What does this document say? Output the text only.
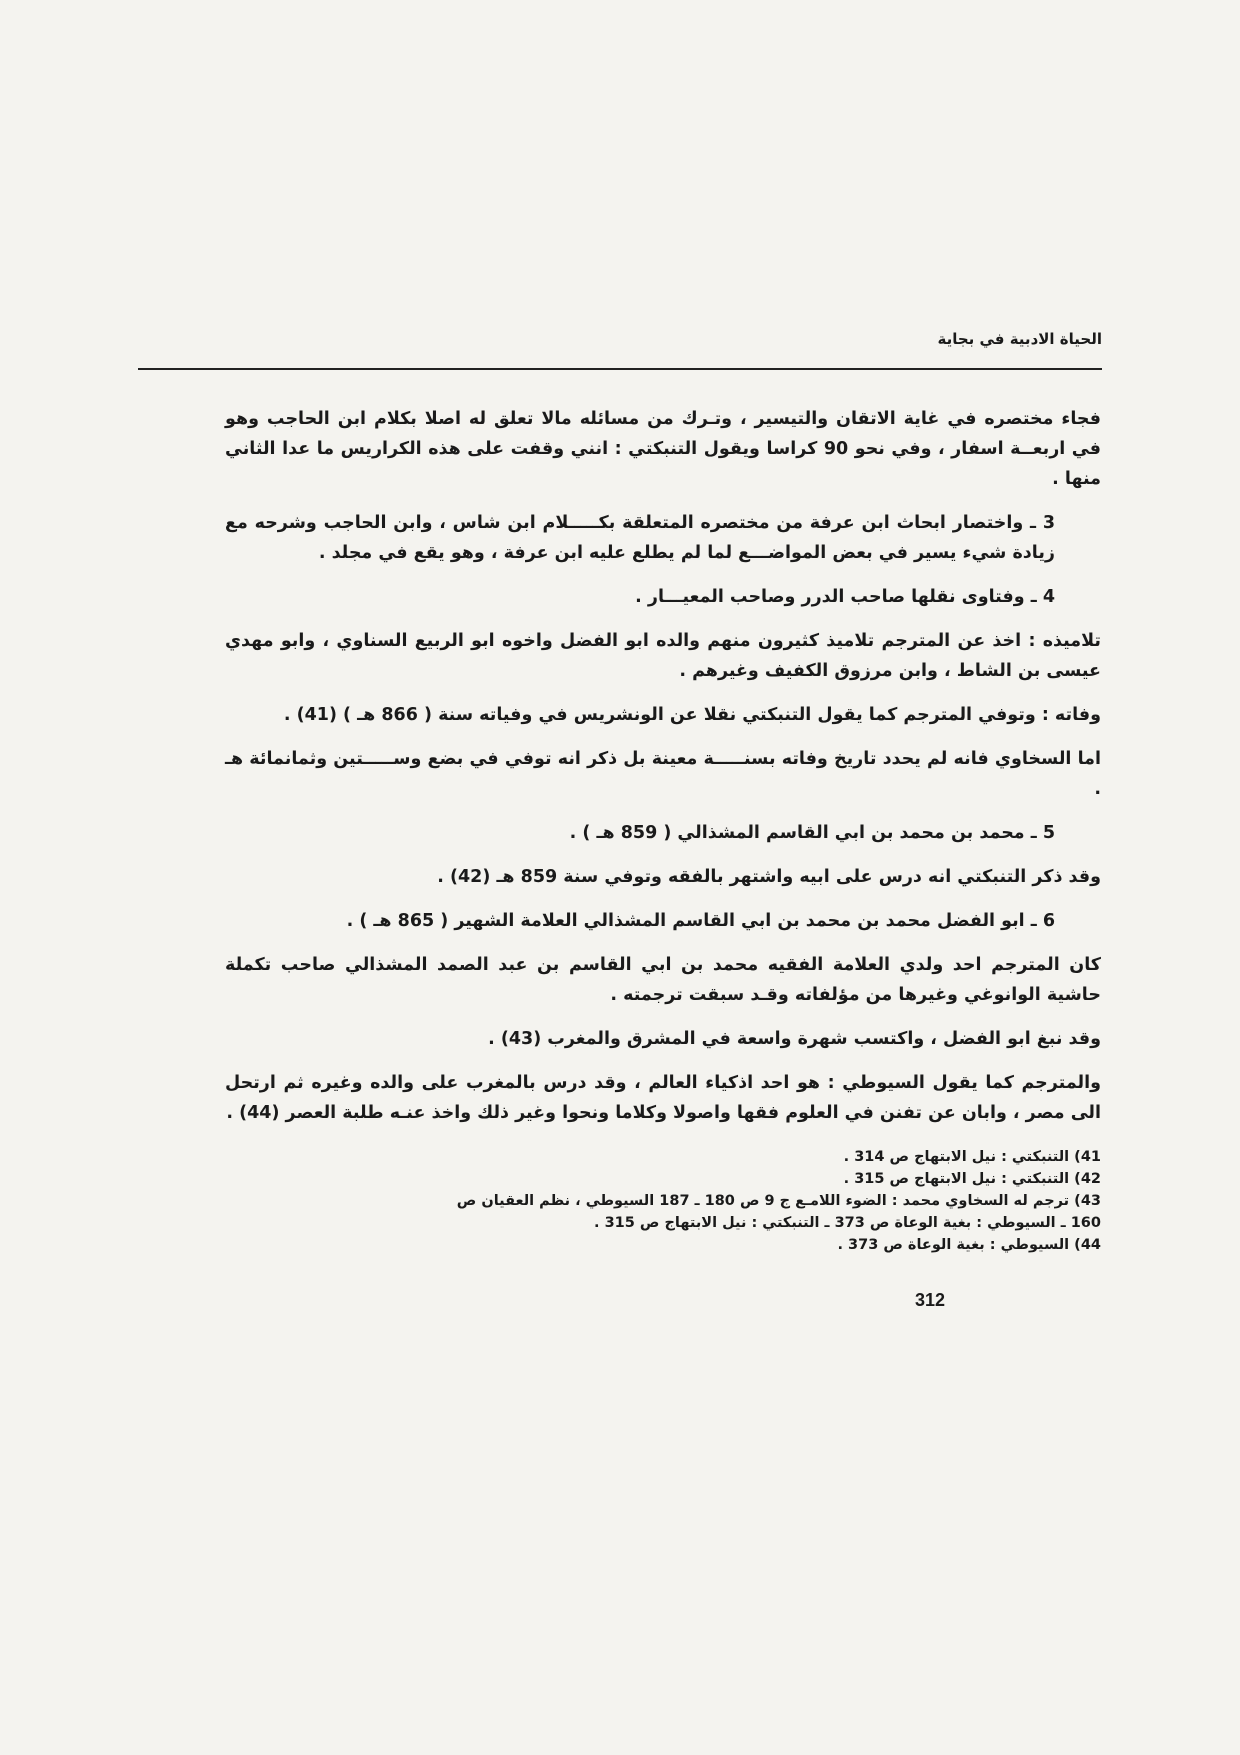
الحياة الادبية في بجاية

فجاء مختصره في غاية الاتقان والتيسير ، وتـرك من مسائله مالا تعلق له اصلا بكلام ابن الحاجب وهو في اربعــة اسفار ، وفي نحو 90 كراسا ويقول التنبكتي : انني وقفت على هذه الكراريس ما عدا الثاني منها .

3 ـ واختصار ابحاث ابن عرفة من مختصره المتعلقة بكـــــلام ابن شاس ، وابن الحاجب وشرحه مع زيادة شيء يسير في بعض المواضـــع لما لم يطلع عليه ابن عرفة ، وهو يقع في مجلد .

4 ـ وفتاوى نقلها صاحب الدرر وصاحب المعيـــار .

تلاميذه : اخذ عن المترجم تلاميذ كثيرون منهم والده ابو الفضل واخوه ابو الربيع السناوي ، وابو مهدي عيسى بن الشاط ، وابن مرزوق الكفيف وغيرهم .

وفاته : وتوفي المترجم كما يقول التنبكتي نقلا عن الونشريس في وفياته سنة ( 866 هـ ) (41) .

اما السخاوي فانه لم يحدد تاريخ وفاته بسنـــــة معينة بل ذكر انه توفي في بضع وســـــتين وثمانمائة هـ .

5 ـ محمد بن محمد بن ابي القاسم المشذالي ( 859 هـ ) .

وقد ذكر التنبكتي انه درس على ابيه واشتهر بالفقه وتوفي سنة 859 هـ (42) .

6 ـ ابو الفضل محمد بن محمد بن ابي القاسم المشذالي العلامة الشهير ( 865 هـ ) .

كان المترجم احد ولدي العلامة الفقيه محمد بن ابي القاسم بن عبد الصمد المشذالي صاحب تكملة حاشية الوانوغي وغيرها من مؤلفاته وقـد سبقت ترجمته .

وقد نبغ ابو الفضل ، واكتسب شهرة واسعة في المشرق والمغرب (43) .

والمترجم كما يقول السيوطي : هو احد اذكياء العالم ، وقد درس بالمغرب على والده وغيره ثم ارتحل الى مصر ، وابان عن تفنن في العلوم فقها واصولا وكلاما ونحوا وغير ذلك واخذ عنـه طلبة العصر (44) .

41) التنبكتي : نيل الابتهاج ص 314 .

42) التنبكتي : نيل الابتهاج ص 315 .

43) ترجم له السخاوي محمد : الضوء اللامـع ج 9 ص 180 ـ 187 السيوطي ، نظم العقيان ص

160 ـ السيوطي : بغية الوعاة ص 373 ـ التنبكتي : نيل الابتهاج ص 315 .

44) السيوطي : بغية الوعاة ص 373 .

312
